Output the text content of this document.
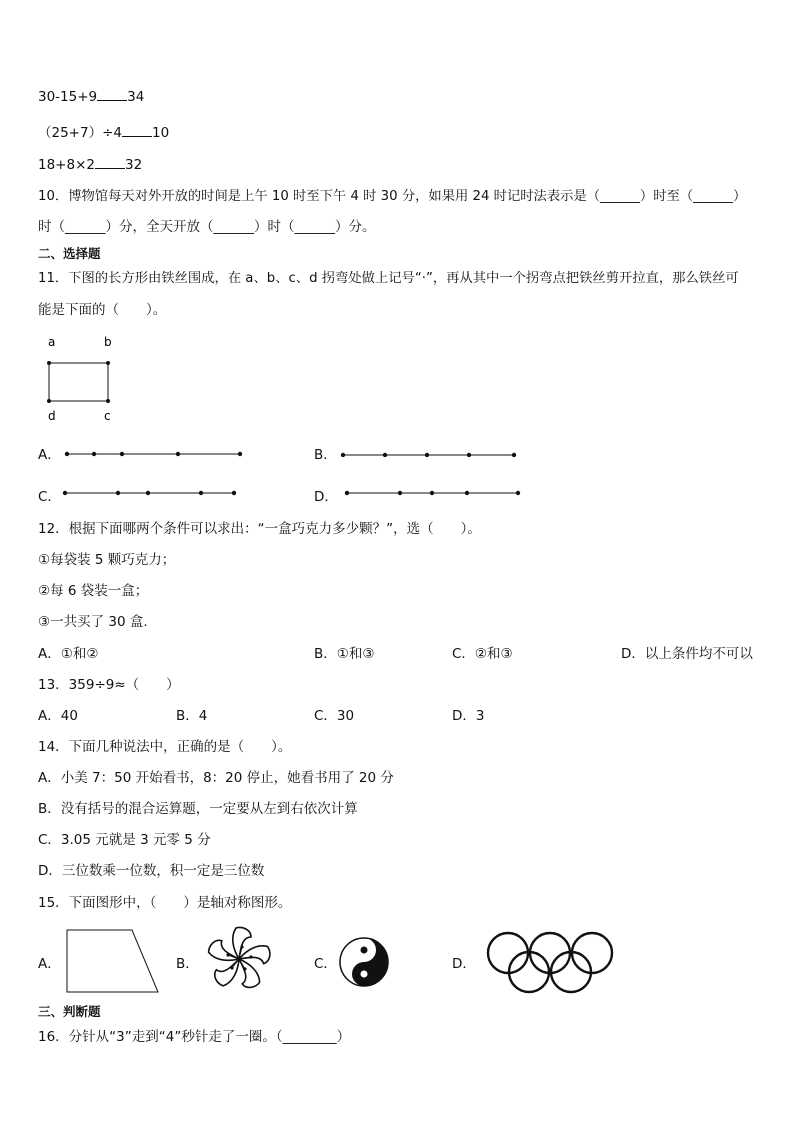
30-15+9 34
（25+7）÷4 10
18+8×2 32
10．博物馆每天对外开放的时间是上午 10 时至下午 4 时 30 分，如果用 24 时记时法表示是（______）时至（______）
时（______）分，全天开放（______）时（______）分。
二、选择题
11．下图的长方形由铁丝围成，在 a、b、c、d 拐弯处做上记号“·”，再从其中一个拐弯点把铁丝剪开拉直，那么铁丝可
能是下面的（　　）。
a	b
d	c
A．	B．
C．	D．
12．根据下面哪两个条件可以求出：“一盒巧克力多少颗？”，选（　　）。
①每袋装 5 颗巧克力；
②每 6 袋装一盒；
③一共买了 30 盒.
A．①和②	B．①和③	C．②和③	D．以上条件均不可以
13．359÷9≈（　　）
A．40	B．4	C．30	D．3
14．下面几种说法中，正确的是（　　）。
A．小美 7：50 开始看书，8：20 停止，她看书用了 20 分
B．没有括号的混合运算题，一定要从左到右依次计算
C．3.05 元就是 3 元零 5 分
D．三位数乘一位数，积一定是三位数
15．下面图形中，（　　）是轴对称图形。
A．	B．	C．	D．
三、判断题
16．分针从“3”走到“4”秒针走了一圈。（________）
